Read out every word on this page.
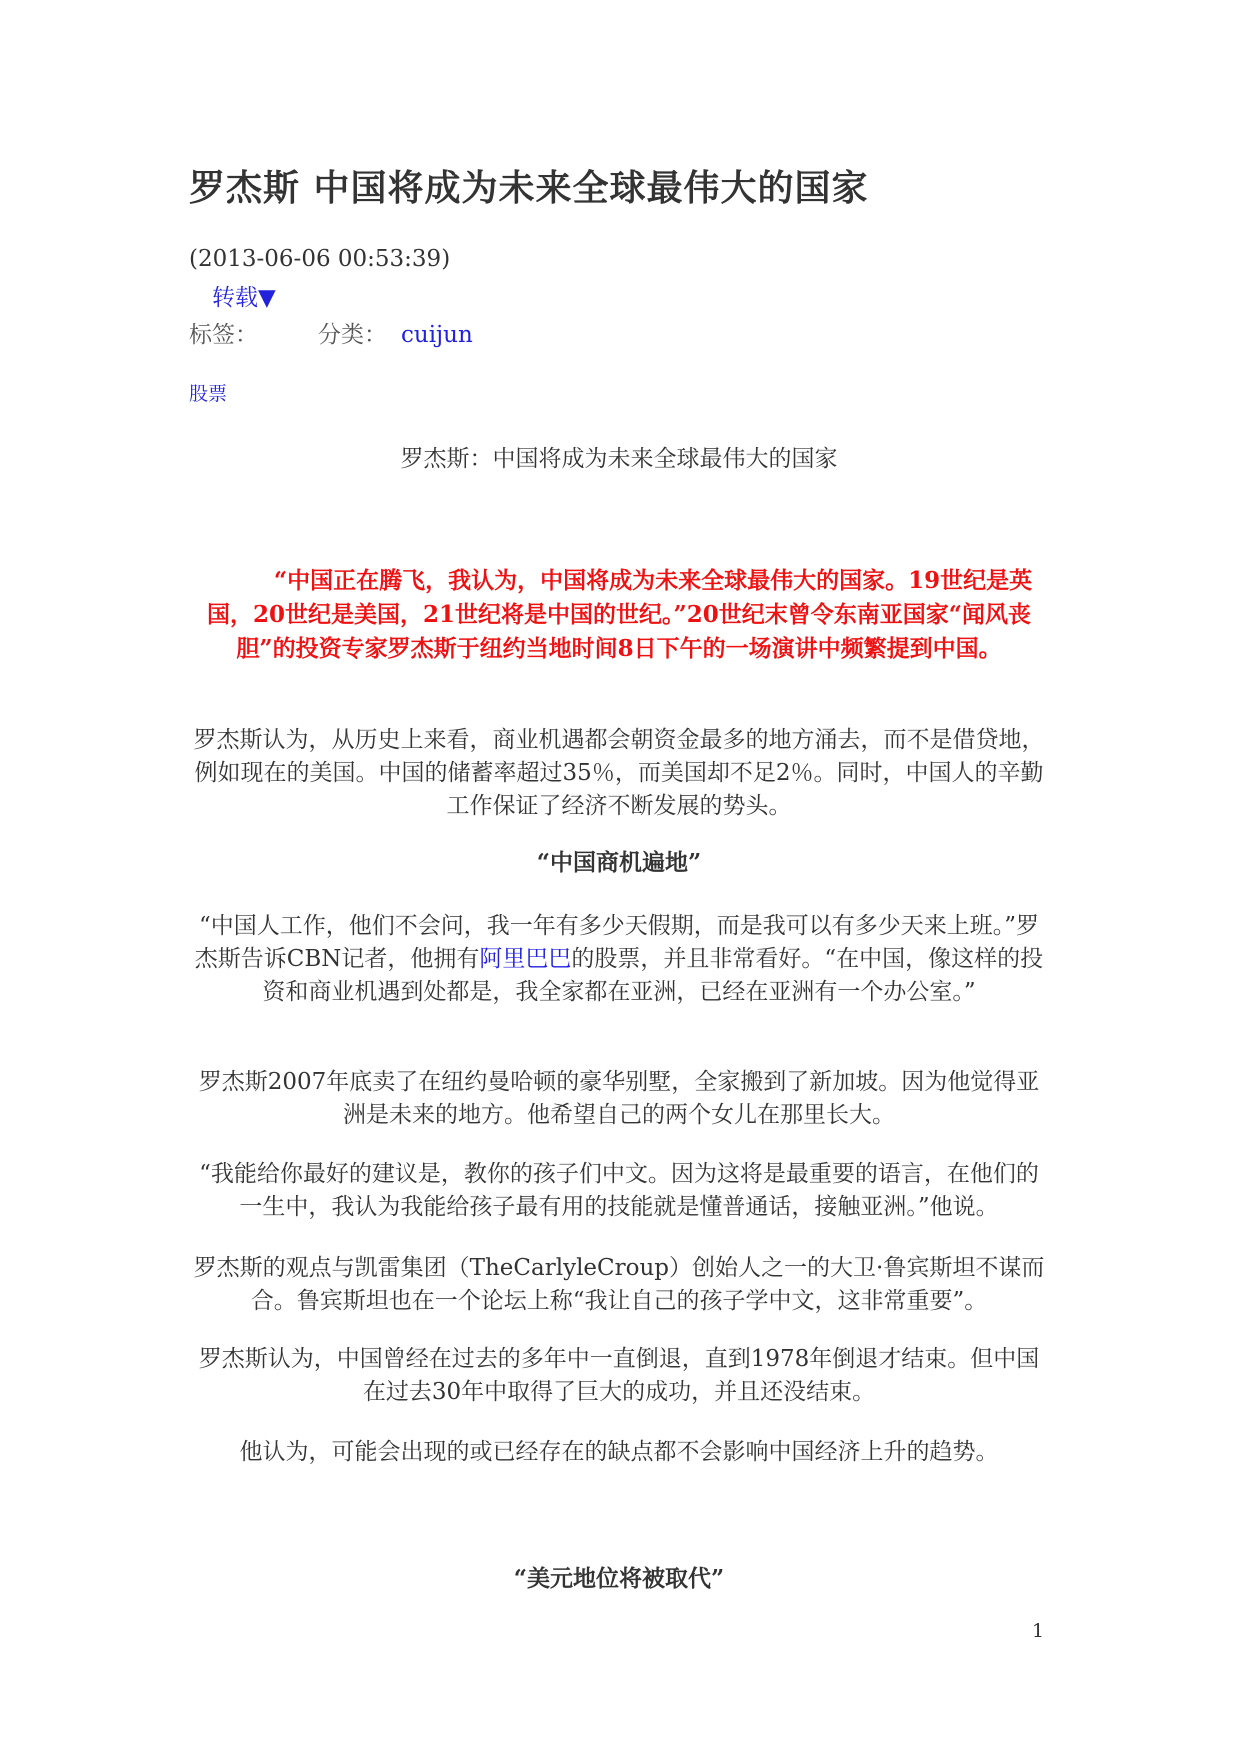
罗杰斯 中国将成为未来全球最伟大的国家
(2013-06-06 00:53:39)
转载▼
标签：	分类： cuijun
股票
罗杰斯：中国将成为未来全球最伟大的国家
“中国正在腾飞，我认为，中国将成为未来全球最伟大的国家。19世纪是英国，20世纪是美国，21世纪将是中国的世纪。”20世纪末曾令东南亚国家“闻风丧胆”的投资专家罗杰斯于纽约当地时间8日下午的一场演讲中频繁提到中国。
罗杰斯认为，从历史上来看，商业机遇都会朝资金最多的地方涌去，而不是借贷地，例如现在的美国。中国的储蓄率超过35％，而美国却不足2％。同时，中国人的辛勤工作保证了经济不断发展的势头。
“中国商机遍地”
“中国人工作，他们不会问，我一年有多少天假期，而是我可以有多少天来上班。”罗杰斯告诉CBN记者，他拥有阿里巴巴的股票，并且非常看好。“在中国，像这样的投资和商业机遇到处都是，我全家都在亚洲，已经在亚洲有一个办公室。”
罗杰斯2007年底卖了在纽约曼哈顿的豪华别墅，全家搬到了新加坡。因为他觉得亚洲是未来的地方。他希望自己的两个女儿在那里长大。
“我能给你最好的建议是，教你的孩子们中文。因为这将是最重要的语言，在他们的一生中，我认为我能给孩子最有用的技能就是懂普通话，接触亚洲。”他说。
罗杰斯的观点与凯雷集团（TheCarlyleCroup）创始人之一的大卫·鲁宾斯坦不谋而合。鲁宾斯坦也在一个论坛上称“我让自己的孩子学中文，这非常重要”。
罗杰斯认为，中国曾经在过去的多年中一直倒退，直到1978年倒退才结束。但中国在过去30年中取得了巨大的成功，并且还没结束。
他认为，可能会出现的或已经存在的缺点都不会影响中国经济上升的趋势。
“美元地位将被取代”
1
